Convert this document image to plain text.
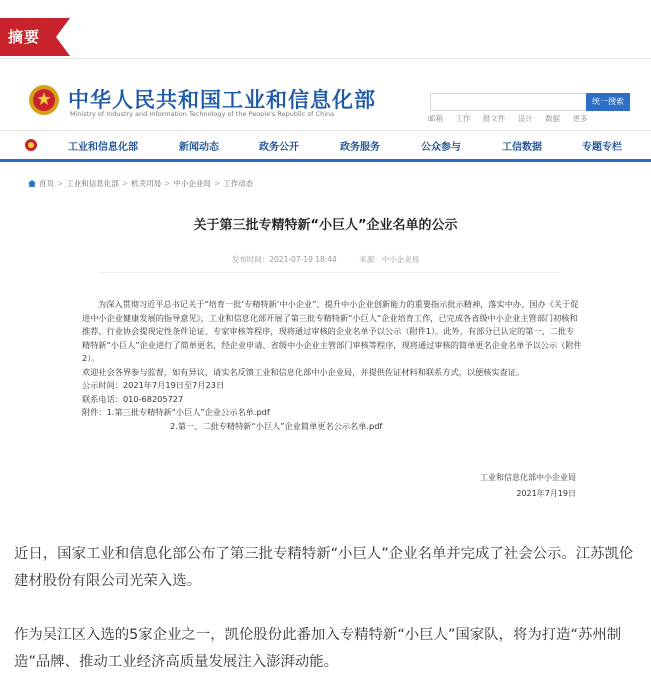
摘要
中华人民共和国工业和信息化部
Ministry of Industry and Information Technology of the People's Republic of China
统一搜索
邮箱 工作 报文件 设计 数据 更多
工业和信息化部	新闻动态	政务公开	政务服务	公众参与	工信数据	专题专栏
首页 > 工业和信息化部 > 机关司局 > 中小企业局 > 工作动态
关于第三批专精特新“小巨人”企业名单的公示
发布时间：2021-07-19 18:44	来源：中小企业局
为深入贯彻习近平总书记关于“培育一批‘专精特新’中小企业”、提升中小企业创新能力的重要指示批示精神，落实中办、国办《关于促进中小企业健康发展的指导意见》，工业和信息化部开展了第三批专精特新“小巨人”企业培育工作，已完成各省级中小企业主管部门初核和推荐、行业协会提现定性条件论证、专家审核等程序，现将通过审核的企业名单予以公示（附件1）。此外，有部分已认定的第一、二批专精特新“小巨人”企业进行了简单更名，经企业申请、省级中小企业主管部门审核等程序，现将通过审核的简单更名企业名单予以公示（附件2）。
欢迎社会各界参与监督，如有异议，请实名反馈工业和信息化部中小企业局，并提供佐证材料和联系方式，以便核实查证。
公示时间：2021年7月19日至7月23日
联系电话：010-68205727
附件：1.第三批专精特新“小巨人”企业公示名单.pdf
2.第一、二批专精特新“小巨人”企业简单更名公示名单.pdf
工业和信息化部中小企业局
2021年7月19日
近日，国家工业和信息化部公布了第三批专精特新“小巨人”企业名单并完成了社会公示。江苏凯伦建材股份有限公司光荣入选。
作为吴江区入选的5家企业之一，凯伦股份此番加入专精特新“小巨人”国家队，将为打造“苏州制造”品牌、推动工业经济高质量发展注入澎湃动能。
